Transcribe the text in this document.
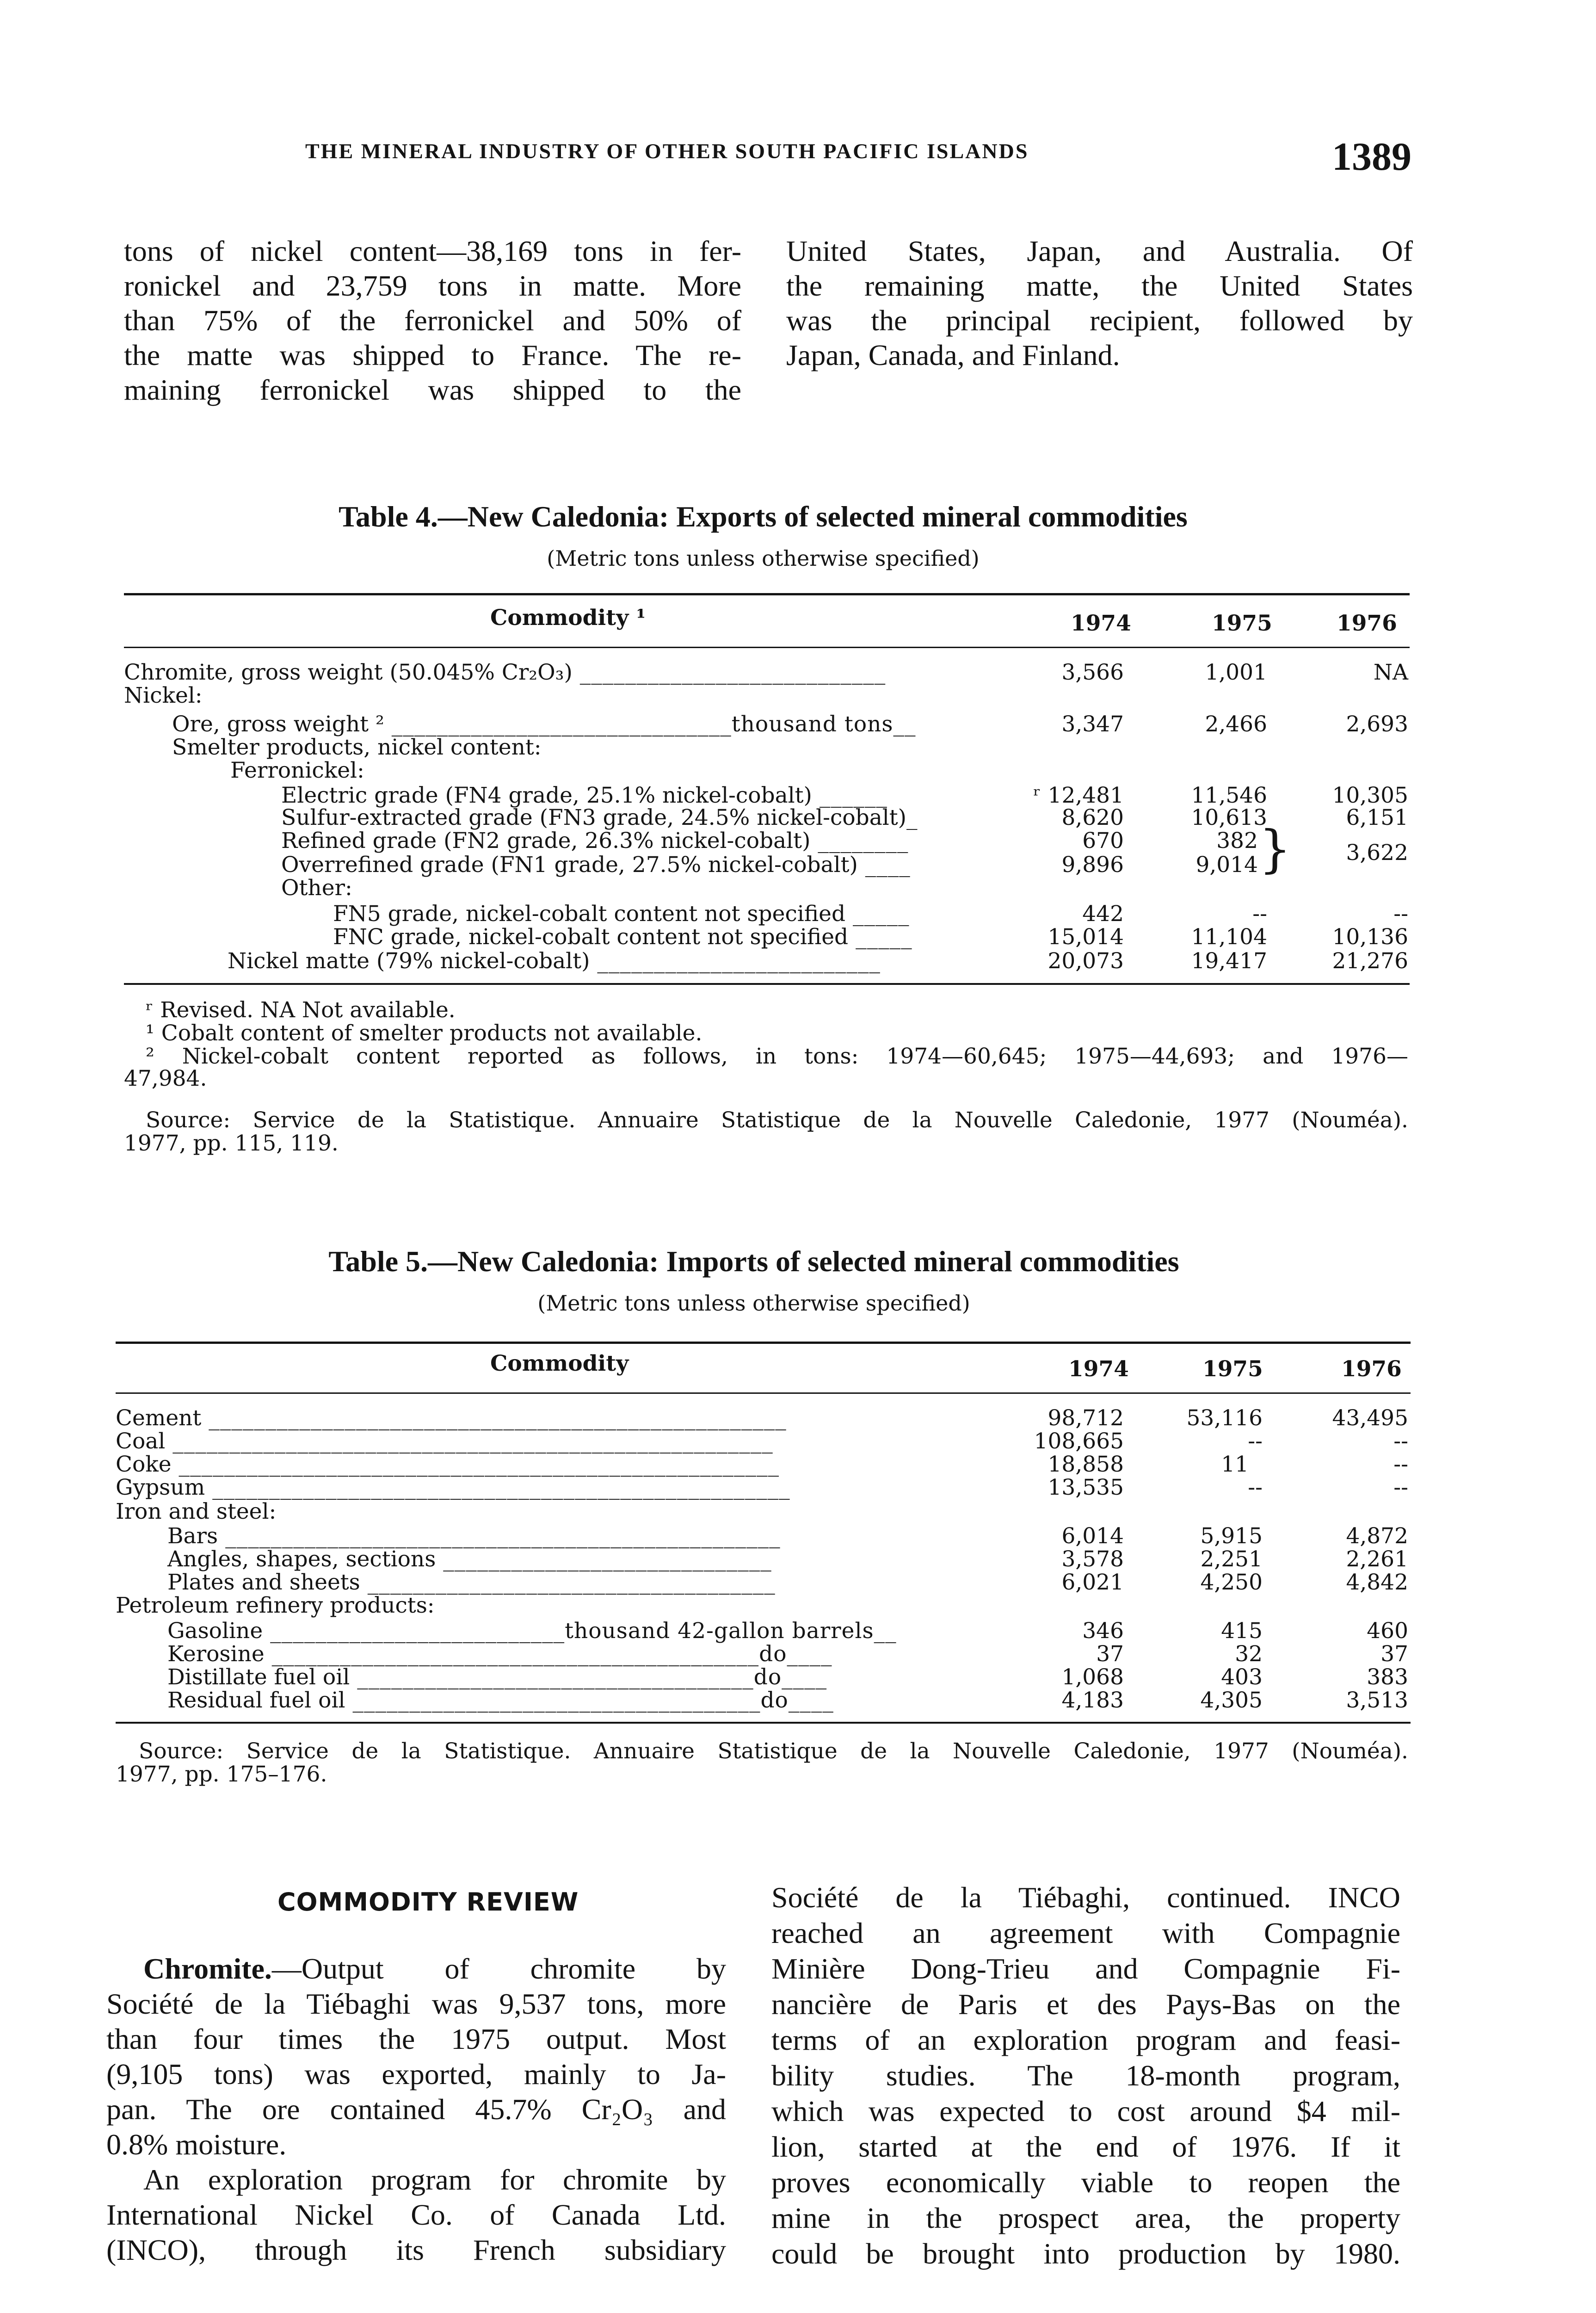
THE MINERAL INDUSTRY OF OTHER SOUTH PACIFIC ISLANDS	1389
tons of nickel content—38,169 tons in fer-
ronickel and 23,759 tons in matte. More
than 75% of the ferronickel and 50% of
the matte was shipped to France. The re-
maining ferronickel was shipped to the
United States, Japan, and Australia. Of
the remaining matte, the United States
was the principal recipient, followed by
Japan, Canada, and Finland.
Table 4.—New Caledonia: Exports of selected mineral commodities
(Metric tons unless otherwise specified)
Commodity ¹	1974	1975	1976
Chromite, gross weight (50.045% Cr₂O₃) ___________________________	3,566	1,001	NA
Nickel:
Ore, gross weight ² ______________________________thousand tons__	3,347	2,466	2,693
Smelter products, nickel content:
Ferronickel:
Electric grade (FN4 grade, 25.1% nickel-cobalt) ______	ʳ 12,481	11,546	10,305
Sulfur-extracted grade (FN3 grade, 24.5% nickel-cobalt)_	8,620	10,613	6,151
Refined grade (FN2 grade, 26.3% nickel-cobalt) ________	670	382
Overrefined grade (FN1 grade, 27.5% nickel-cobalt) ____	9,896	9,014 }	3,622
Other:
FN5 grade, nickel-cobalt content not specified _____	442	--	--
FNC grade, nickel-cobalt content not specified _____	15,014	11,104	10,136
Nickel matte (79% nickel-cobalt) _________________________	20,073	19,417	21,276
ʳ Revised. NA Not available.
¹ Cobalt content of smelter products not available.
² Nickel-cobalt content reported as follows, in tons: 1974—60,645; 1975—44,693; and 1976—
47,984.
Source: Service de la Statistique. Annuaire Statistique de la Nouvelle Caledonie, 1977 (Nouméa).
1977, pp. 115, 119.
Table 5.—New Caledonia: Imports of selected mineral commodities
(Metric tons unless otherwise specified)
Commodity	1974	1975	1976
Cement ___________________________________________________	98,712	53,116	43,495
Coal _____________________________________________________	108,665	--	--
Coke _____________________________________________________	18,858	11	--
Gypsum ___________________________________________________	13,535	--	--
Iron and steel:
Bars _________________________________________________	6,014	5,915	4,872
Angles, shapes, sections _____________________________	3,578	2,251	2,261
Plates and sheets ____________________________________	6,021	4,250	4,842
Petroleum refinery products:
Gasoline __________________________thousand 42-gallon barrels__	346	415	460
Kerosine ___________________________________________do____	37	32	37
Distillate fuel oil ___________________________________do____	1,068	403	383
Residual fuel oil ____________________________________do____	4,183	4,305	3,513
Source: Service de la Statistique. Annuaire Statistique de la Nouvelle Caledonie, 1977 (Nouméa).
1977, pp. 175–176.
COMMODITY REVIEW
Chromite.—Output of chromite by
Société de la Tiébaghi was 9,537 tons, more
than four times the 1975 output. Most
(9,105 tons) was exported, mainly to Ja-
pan. The ore contained 45.7% Cr₂O₃ and
0.8% moisture.
An exploration program for chromite by
International Nickel Co. of Canada Ltd.
(INCO), through its French subsidiary
Société de la Tiébaghi, continued. INCO
reached an agreement with Compagnie
Minière Dong-Trieu and Compagnie Fi-
nancière de Paris et des Pays-Bas on the
terms of an exploration program and feasi-
bility studies. The 18-month program,
which was expected to cost around $4 mil-
lion, started at the end of 1976. If it
proves economically viable to reopen the
mine in the prospect area, the property
could be brought into production by 1980.
